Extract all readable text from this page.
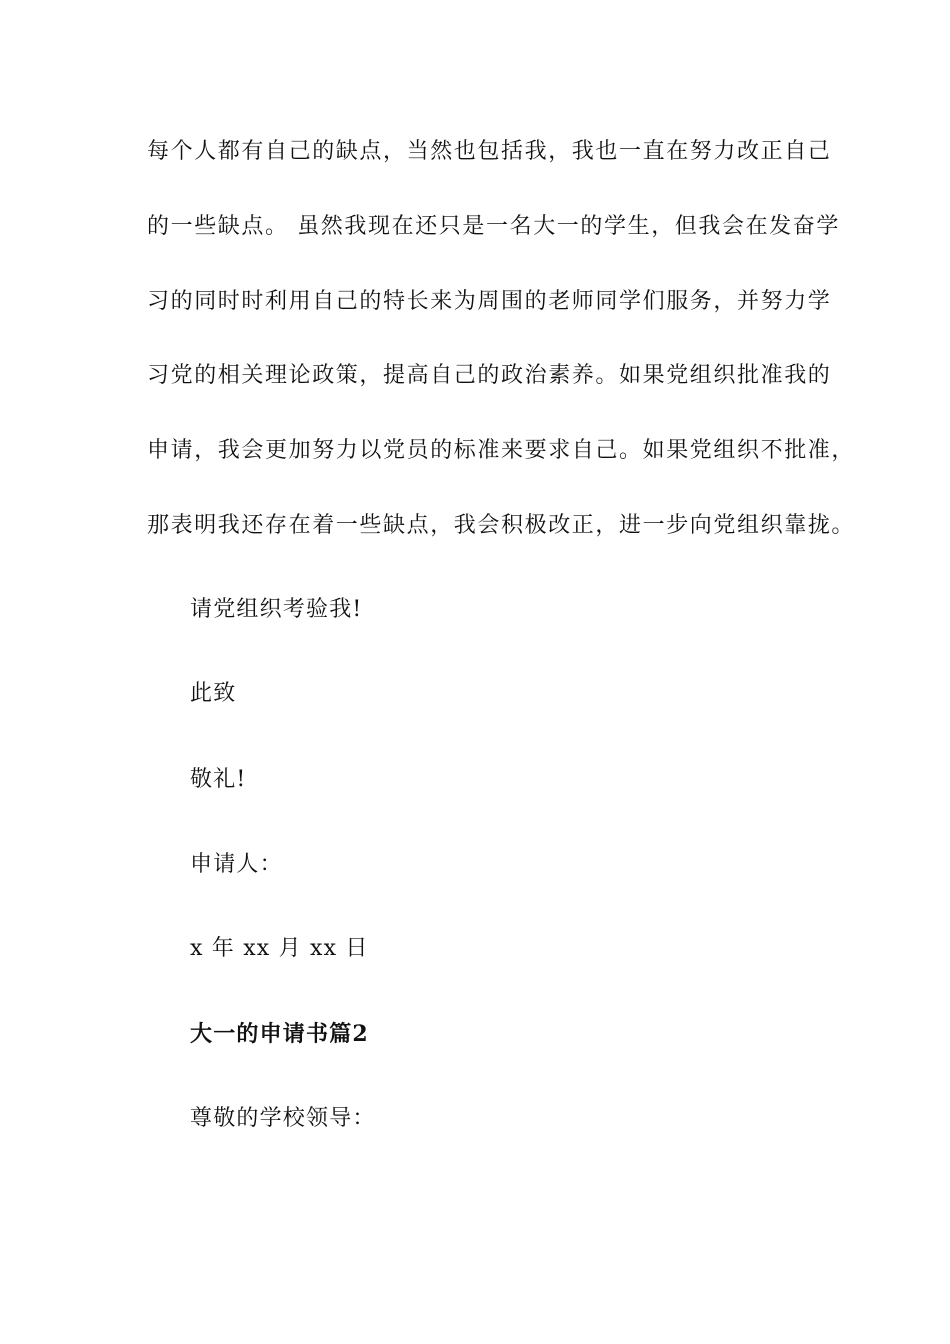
每个人都有自己的缺点，当然也包括我，我也一直在努力改正自己
的一些缺点。 虽然我现在还只是一名大一的学生，但我会在发奋学
习的同时时利用自己的特长来为周围的老师同学们服务，并努力学
习党的相关理论政策，提高自己的政治素养。如果党组织批准我的
申请，我会更加努力以党员的标准来要求自己。如果党组织不批准，
那表明我还存在着一些缺点，我会积极改正，进一步向党组织靠拢。
请党组织考验我!
此致
敬礼!
申请人：
x 年 xx 月 xx 日
大一的申请书篇2
尊敬的学校领导：
